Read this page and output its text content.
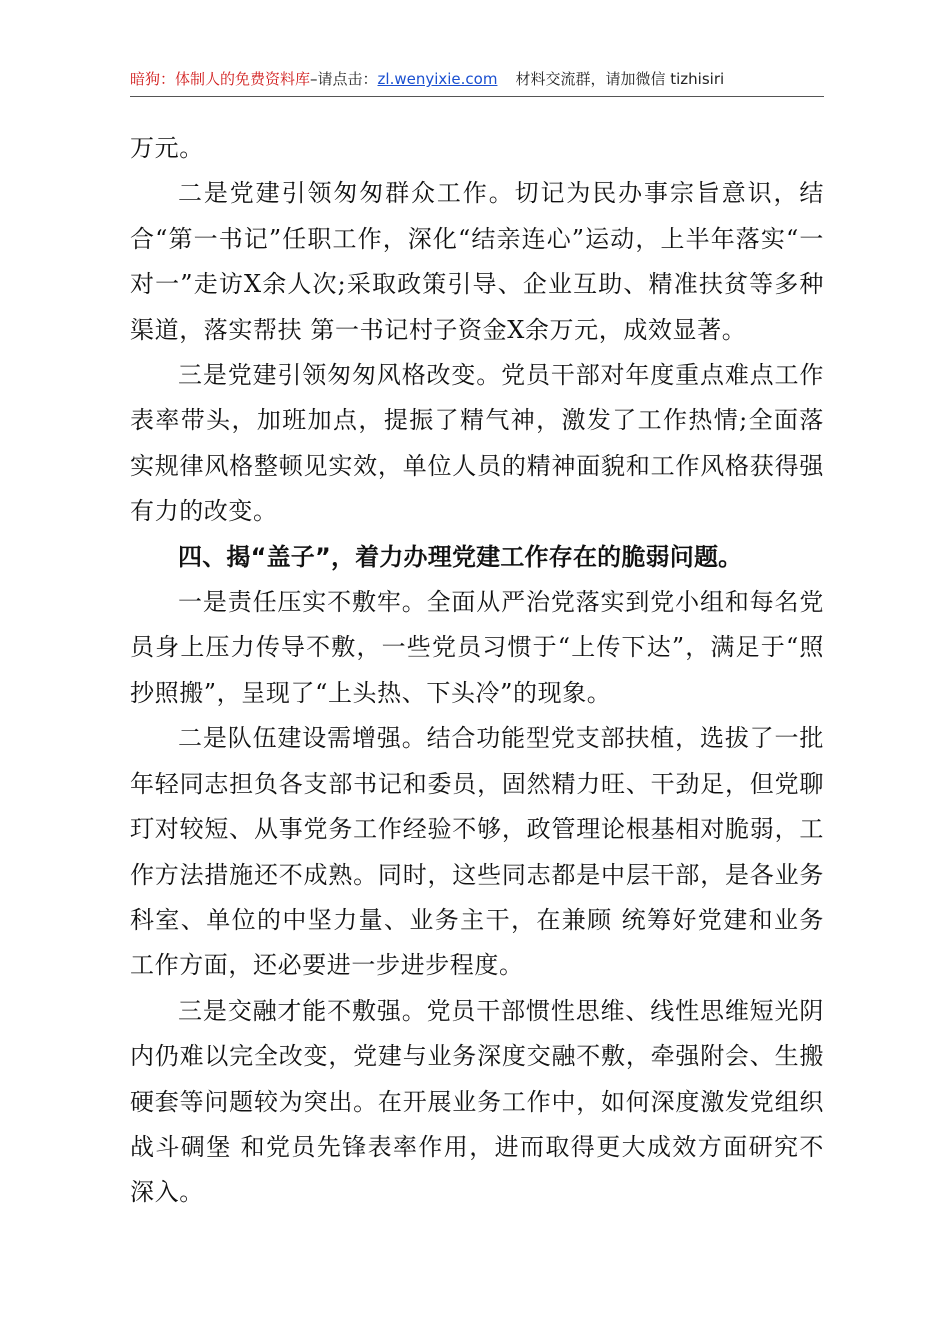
暗狗：体制人的免费资料库–请点击：zl.wenyixie.com 材料交流群，请加微信 tizhisiri

万元。

二是党建引领匆匆群众工作。切记为民办事宗旨意识，结合“第一书记”任职工作，深化“结亲连心”运动，上半年落实“一对一”走访X余人次;采取政策引导、企业互助、精准扶贫等多种渠道，落实帮扶 第一书记村子资金X余万元，成效显著。

三是党建引领匆匆风格改变。党员干部对年度重点难点工作表率带头，加班加点，提振了精气神，激发了工作热情;全面落实规律风格整顿见实效，单位人员的精神面貌和工作风格获得强有力的改变。

四、揭“盖子”，着力办理党建工作存在的脆弱问题。

一是责任压实不敷牢。全面从严治党落实到党小组和每名党员身上压力传导不敷，一些党员习惯于“上传下达”，满足于“照抄照搬”，呈现了“上头热、下头冷”的现象。

二是队伍建设需增强。结合功能型党支部扶植，选拔了一批年轻同志担负各支部书记和委员，固然精力旺、干劲足，但党聊玎对较短、从事党务工作经验不够，政管理论根基相对脆弱，工作方法措施还不成熟。同时，这些同志都是中层干部，是各业务科室、单位的中坚力量、业务主干，在兼顾 统筹好党建和业务工作方面，还必要进一步进步程度。

三是交融才能不敷强。党员干部惯性思维、线性思维短光阴内仍难以完全改变，党建与业务深度交融不敷，牵强附会、生搬硬套等问题较为突出。在开展业务工作中，如何深度激发党组织战斗碉堡 和党员先锋表率作用，进而取得更大成效方面研究不深入。
